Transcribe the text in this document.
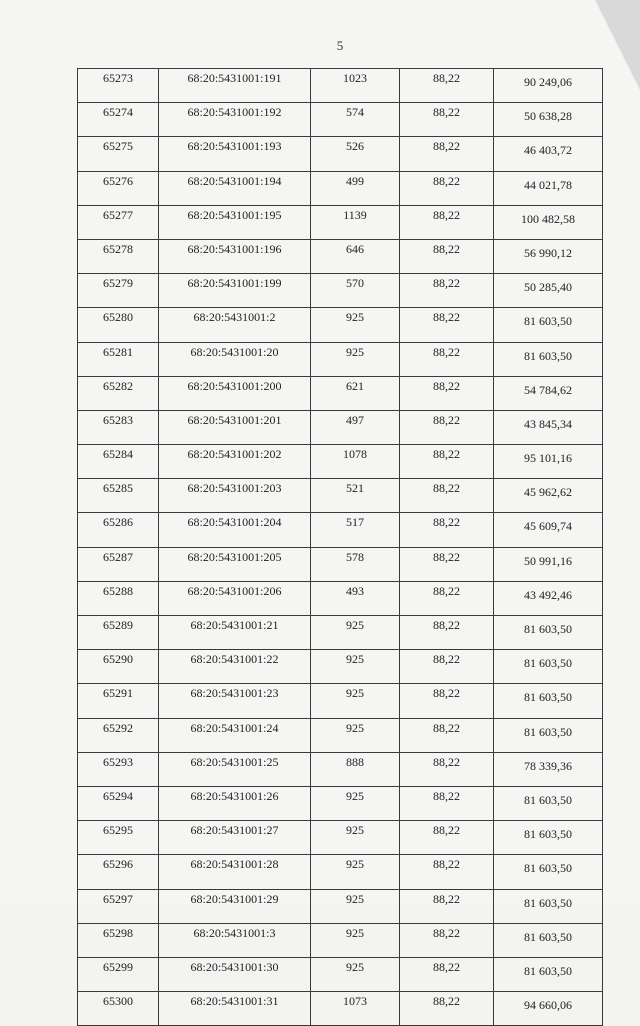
5
65273	68:20:5431001:191	1023	88,22	90 249,06
65274	68:20:5431001:192	574	88,22	50 638,28
65275	68:20:5431001:193	526	88,22	46 403,72
65276	68:20:5431001:194	499	88,22	44 021,78
65277	68:20:5431001:195	1139	88,22	100 482,58
65278	68:20:5431001:196	646	88,22	56 990,12
65279	68:20:5431001:199	570	88,22	50 285,40
65280	68:20:5431001:2	925	88,22	81 603,50
65281	68:20:5431001:20	925	88,22	81 603,50
65282	68:20:5431001:200	621	88,22	54 784,62
65283	68:20:5431001:201	497	88,22	43 845,34
65284	68:20:5431001:202	1078	88,22	95 101,16
65285	68:20:5431001:203	521	88,22	45 962,62
65286	68:20:5431001:204	517	88,22	45 609,74
65287	68:20:5431001:205	578	88,22	50 991,16
65288	68:20:5431001:206	493	88,22	43 492,46
65289	68:20:5431001:21	925	88,22	81 603,50
65290	68:20:5431001:22	925	88,22	81 603,50
65291	68:20:5431001:23	925	88,22	81 603,50
65292	68:20:5431001:24	925	88,22	81 603,50
65293	68:20:5431001:25	888	88,22	78 339,36
65294	68:20:5431001:26	925	88,22	81 603,50
65295	68:20:5431001:27	925	88,22	81 603,50
65296	68:20:5431001:28	925	88,22	81 603,50
65297	68:20:5431001:29	925	88,22	81 603,50
65298	68:20:5431001:3	925	88,22	81 603,50
65299	68:20:5431001:30	925	88,22	81 603,50
65300	68:20:5431001:31	1073	88,22	94 660,06
